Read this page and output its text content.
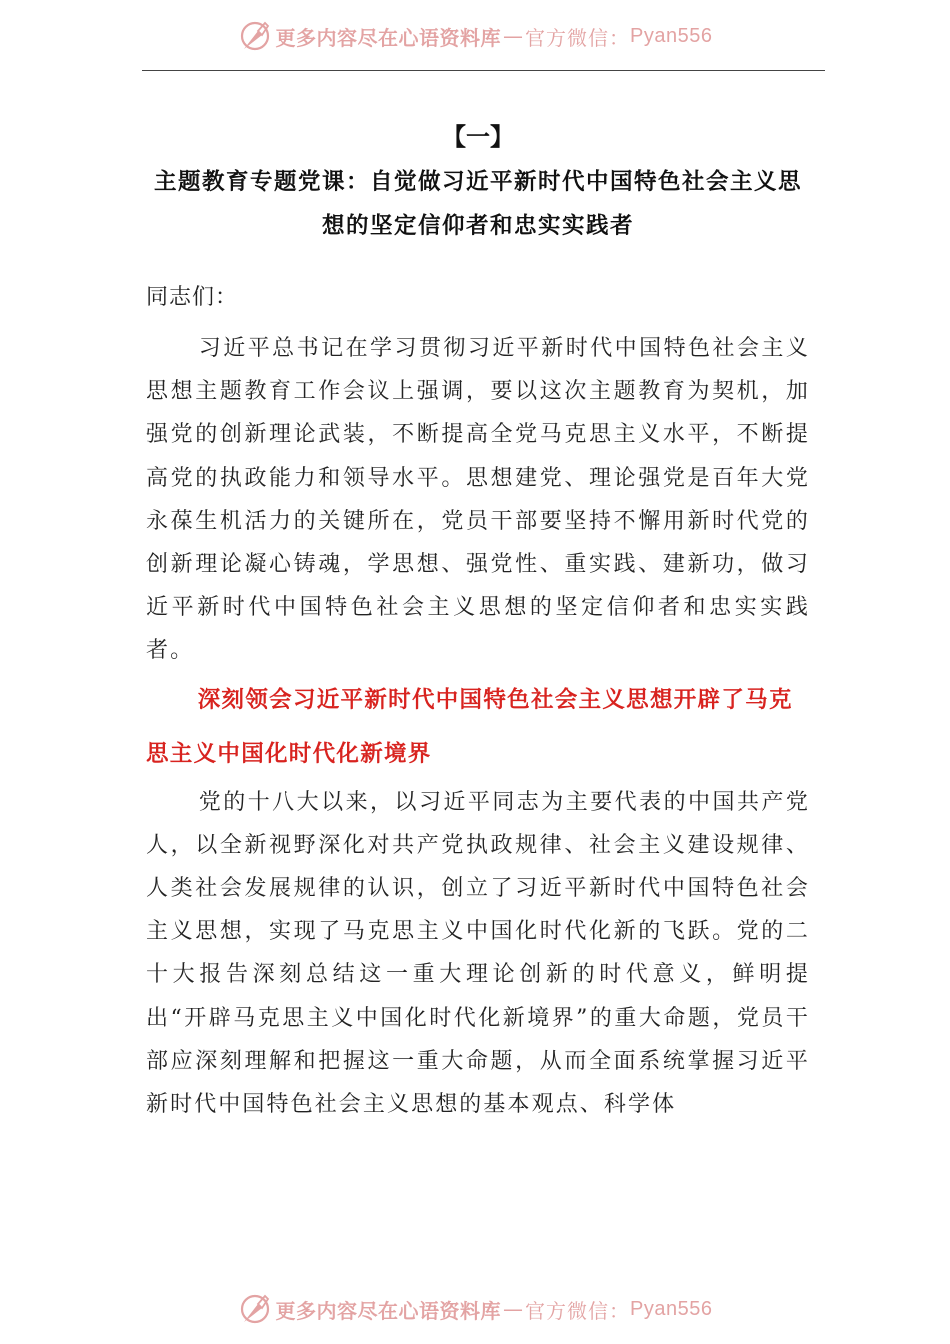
更多内容尽在心语资料库 — 官方微信： Pyan556

【一】

主题教育专题党课：自觉做习近平新时代中国特色社会主义思想的坚定信仰者和忠实实践者

同志们：

习近平总书记在学习贯彻习近平新时代中国特色社会主义思想主题教育工作会议上强调，要以这次主题教育为契机，加强党的创新理论武装，不断提高全党马克思主义水平，不断提高党的执政能力和领导水平。思想建党、理论强党是百年大党永葆生机活力的关键所在，党员干部要坚持不懈用新时代党的创新理论凝心铸魂，学思想、强党性、重实践、建新功，做习近平新时代中国特色社会主义思想的坚定信仰者和忠实实践者。

深刻领会习近平新时代中国特色社会主义思想开辟了马克思主义中国化时代化新境界

党的十八大以来，以习近平同志为主要代表的中国共产党人，以全新视野深化对共产党执政规律、社会主义建设规律、人类社会发展规律的认识，创立了习近平新时代中国特色社会主义思想，实现了马克思主义中国化时代化新的飞跃。党的二十大报告深刻总结这一重大理论创新的时代意义，鲜明提出“开辟马克思主义中国化时代化新境界”的重大命题，党员干部应深刻理解和把握这一重大命题，从而全面系统掌握习近平新时代中国特色社会主义思想的基本观点、科学体

更多内容尽在心语资料库 — 官方微信： Pyan556
